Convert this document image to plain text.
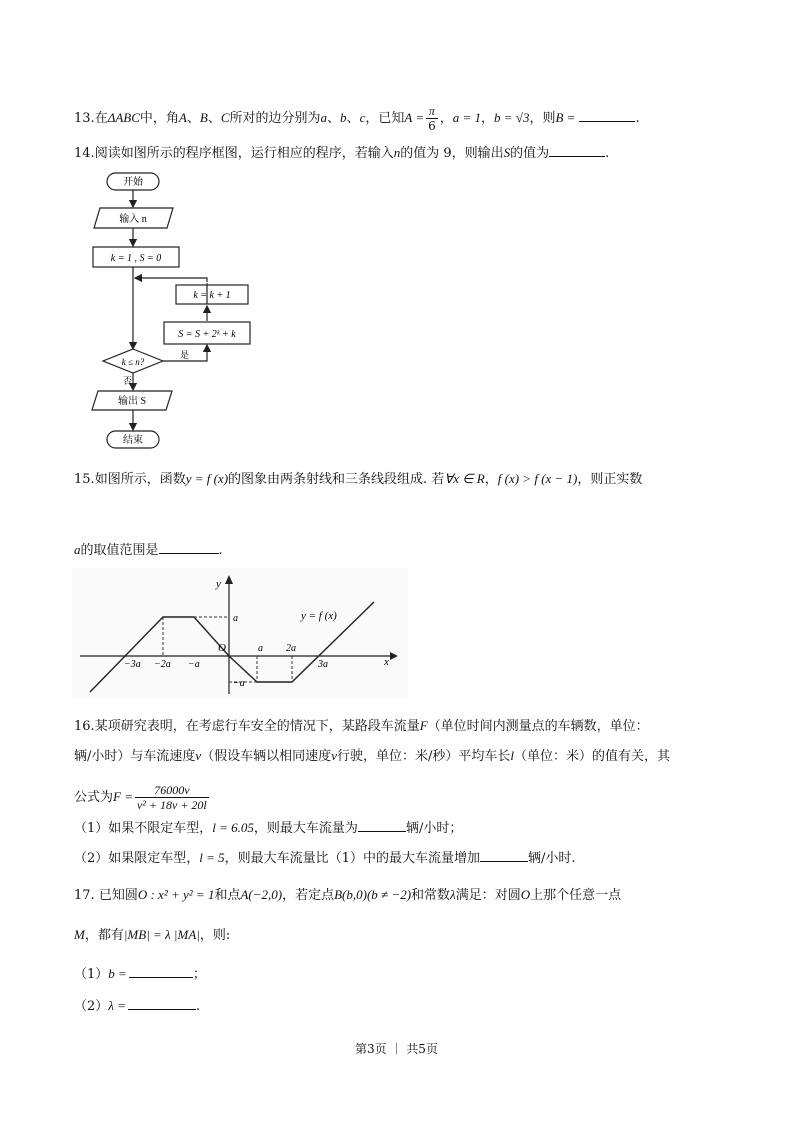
13.在ΔABC中，角A、B、C所对的边分别为a、b、c，已知$A = \frac{\pi}{6}$ ，a = 1，b = √3，则B =	.
14.阅读如图所示的程序框图，运行相应的程序，若输入n的值为 9，则输出S的值为	.
开始
输入 n
k = 1 , S = 0
k = k + 1
S = S + 2ᵏ + k
k ≤ n?
是
否
输出 S
结束
15.如图所示，函数y = f (x)的图象由两条射线和三条线段组成. 若∀x ∈ R，f (x) > f (x − 1)，则正实数
a的取值范围是	.
x
y
y = f (x)
a
−a
O
−3a −2a −a
a 2a
3a
16.某项研究表明，在考虑行车安全的情况下，某路段车流量F（单位时间内测量点的车辆数，单位：
辆/小时）与车流速度v（假设车辆以相同速度v行驶，单位：米/秒）平均车长l（单位：米）的值有关，其
公式为$F = \frac{76000v}{\text{v² + 18v + 20l}}$
（1）如果不限定车型，l = 6.05，则最大车流量为	辆/小时；
（2）如果限定车型，l = 5，则最大车流量比（1）中的最大车流量增加	辆/小时.
17. 已知圆O : x² + y² = 1和点A(−2,0)，若定点B(b,0)(b ≠ −2)和常数λ满足：对圆O上那个任意一点
M，都有|MB| = λ |MA|，则:
（1）b =	；
（2）λ =	.
第3页 ｜ 共5页
